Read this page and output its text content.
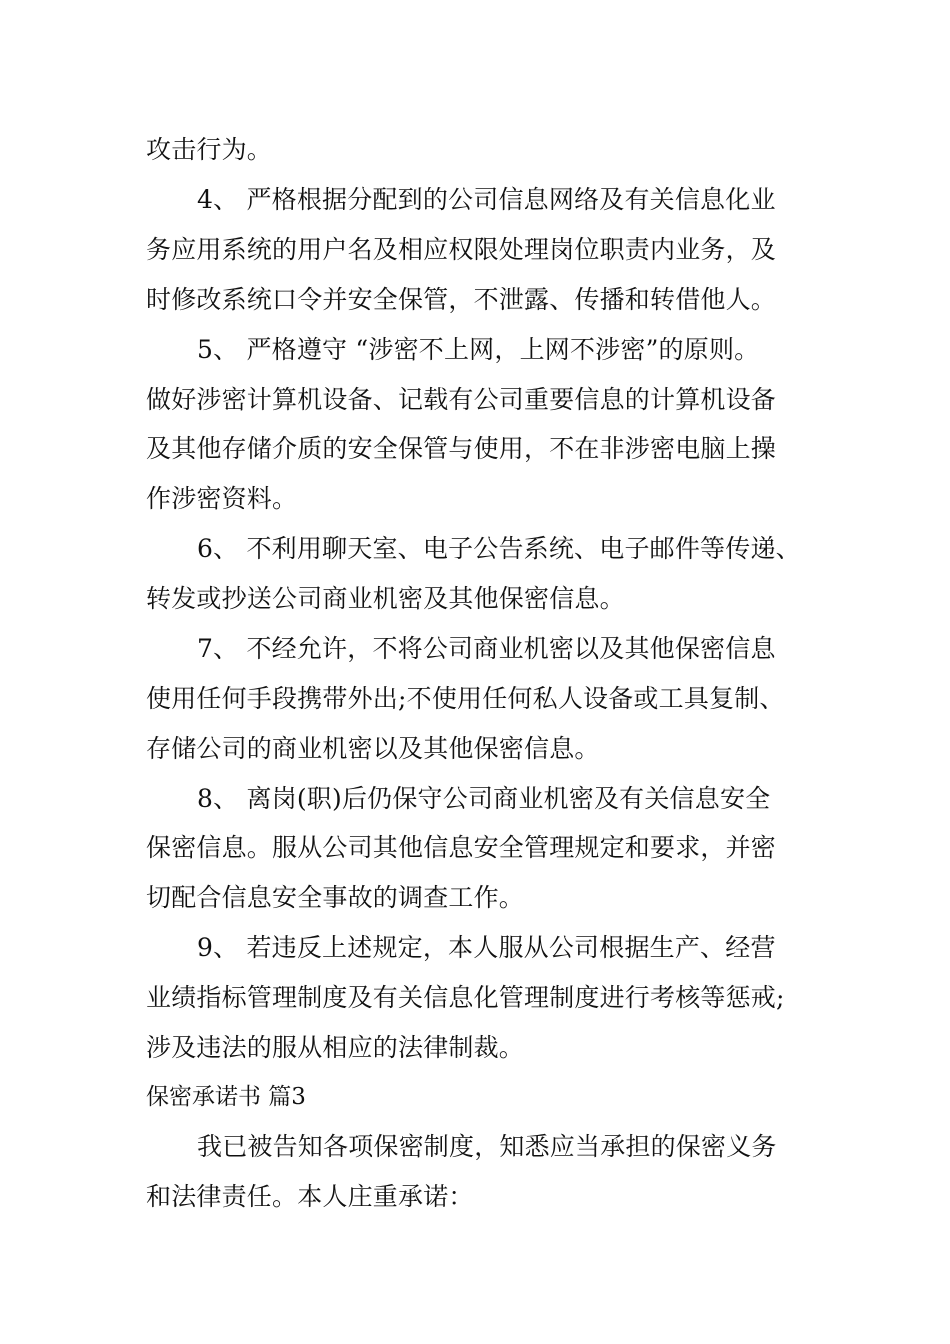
攻击行为。
4、 严格根据分配到的公司信息网络及有关信息化业
务应用系统的用户名及相应权限处理岗位职责内业务，及
时修改系统口令并安全保管，不泄露、传播和转借他人。
5、 严格遵守 “涉密不上网，上网不涉密”的原则。
做好涉密计算机设备、记载有公司重要信息的计算机设备
及其他存储介质的安全保管与使用，不在非涉密电脑上操
作涉密资料。
6、 不利用聊天室、电子公告系统、电子邮件等传递、
转发或抄送公司商业机密及其他保密信息。
7、 不经允许，不将公司商业机密以及其他保密信息
使用任何手段携带外出;不使用任何私人设备或工具复制、
存储公司的商业机密以及其他保密信息。
8、 离岗(职)后仍保守公司商业机密及有关信息安全
保密信息。服从公司其他信息安全管理规定和要求，并密
切配合信息安全事故的调查工作。
9、 若违反上述规定，本人服从公司根据生产、经营
业绩指标管理制度及有关信息化管理制度进行考核等惩戒;
涉及违法的服从相应的法律制裁。
保密承诺书 篇3
我已被告知各项保密制度，知悉应当承担的保密义务
和法律责任。本人庄重承诺：
